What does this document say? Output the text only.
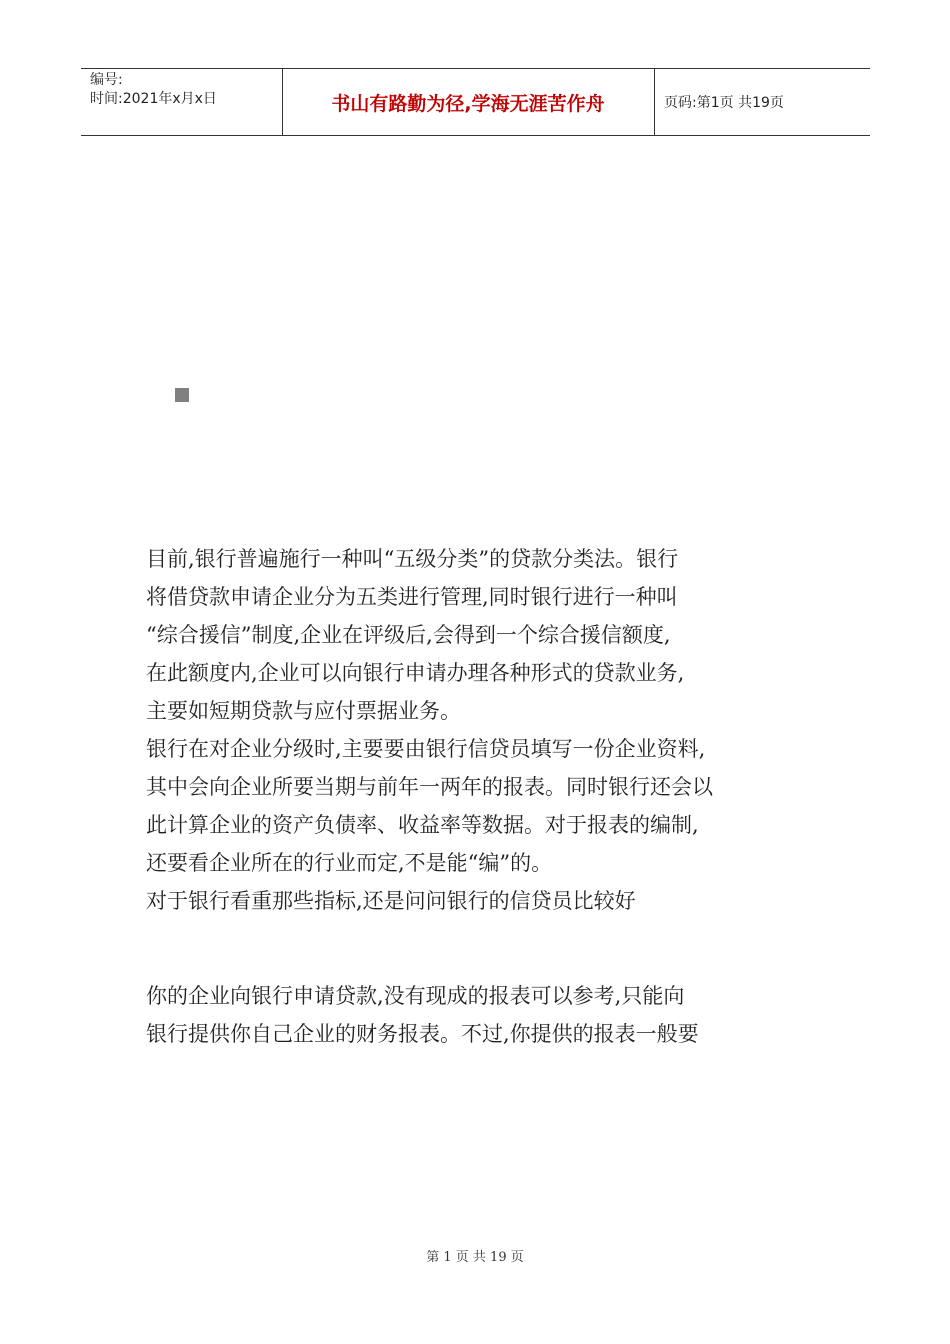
编号:
时间:2021年x月x日	书山有路勤为径,学海无涯苦作舟	页码:第1页 共19页
目前,银行普遍施行一种叫“五级分类”的贷款分类法。银行
将借贷款申请企业分为五类进行管理,同时银行进行一种叫
“综合援信”制度,企业在评级后,会得到一个综合援信额度,
在此额度内,企业可以向银行申请办理各种形式的贷款业务,
主要如短期贷款与应付票据业务。
银行在对企业分级时,主要要由银行信贷员填写一份企业资料,
其中会向企业所要当期与前年一两年的报表。同时银行还会以
此计算企业的资产负债率、收益率等数据。对于报表的编制,
还要看企业所在的行业而定,不是能“编”的。
对于银行看重那些指标,还是问问银行的信贷员比较好
你的企业向银行申请贷款,没有现成的报表可以参考,只能向
银行提供你自己企业的财务报表。不过,你提供的报表一般要
第 1 页 共 19 页
